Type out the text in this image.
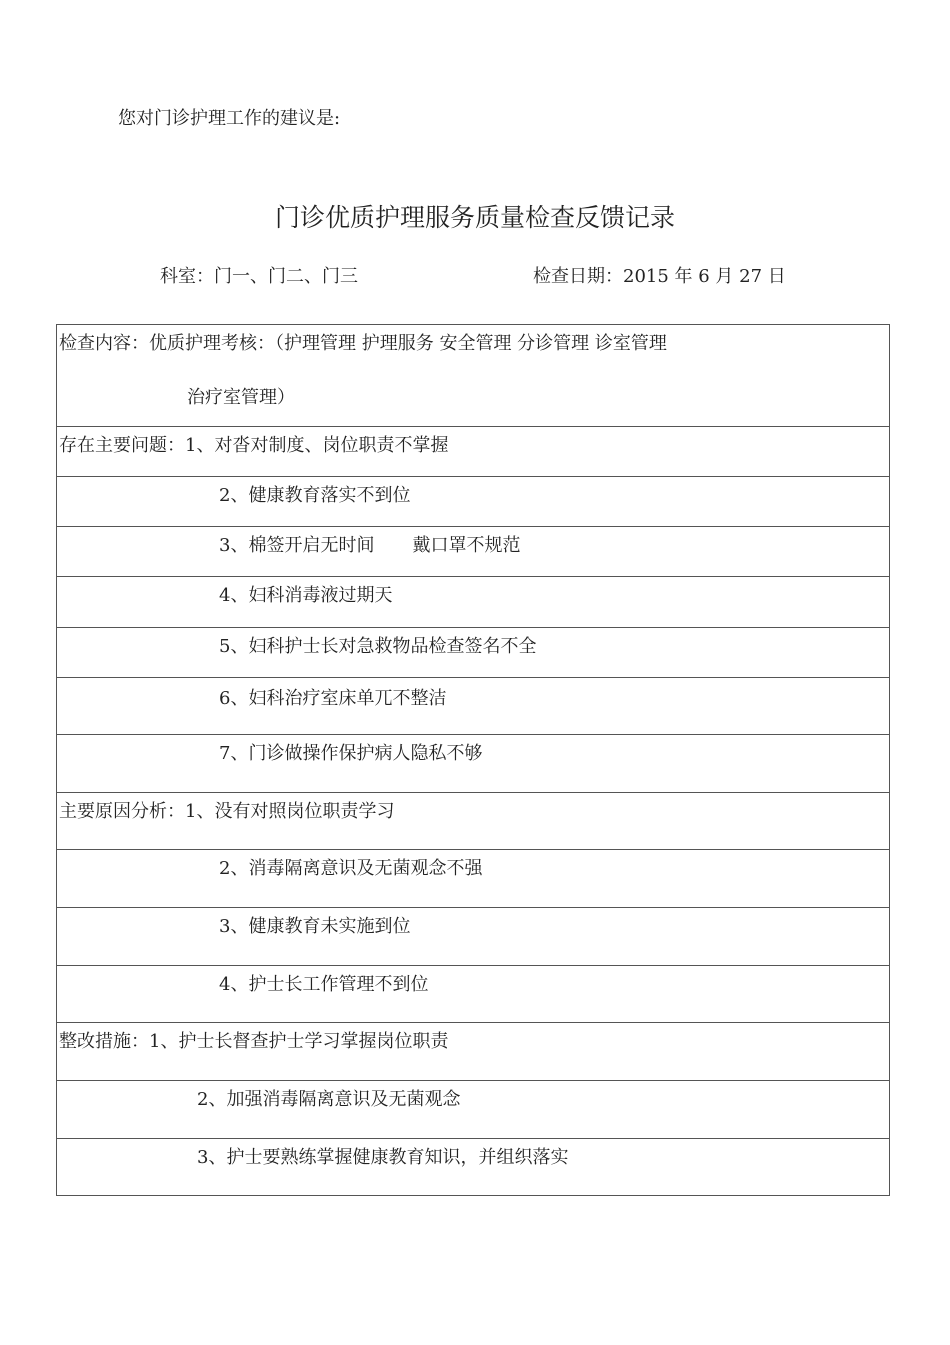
您对门诊护理工作的建议是:
门诊优质护理服务质量检查反馈记录
科室：门一、门二、门三	检查日期：2015 年 6 月 27 日
检查内容：优质护理考核：（护理管理 护理服务 安全管理 分诊管理 诊室管理
治疗室管理）

存在主要问题：1、对沓对制度、岗位职责不掌握

2、健康教育落实不到位

3、棉签开启无时间 戴口罩不规范

4、妇科消毒液过期天

5、妇科护士长对急救物品检查签名不全

6、妇科治疗室床单兀不整洁

7、门诊做操作保护病人隐私不够

主要原因分析：1、没有对照岗位职责学习

2、消毒隔离意识及无菌观念不强

3、健康教育未实施到位

4、护士长工作管理不到位

整改措施：1、护士长督查护士学习掌握岗位职责

2、加强消毒隔离意识及无菌观念

3、护士要熟练掌握健康教育知识，并组织落实
